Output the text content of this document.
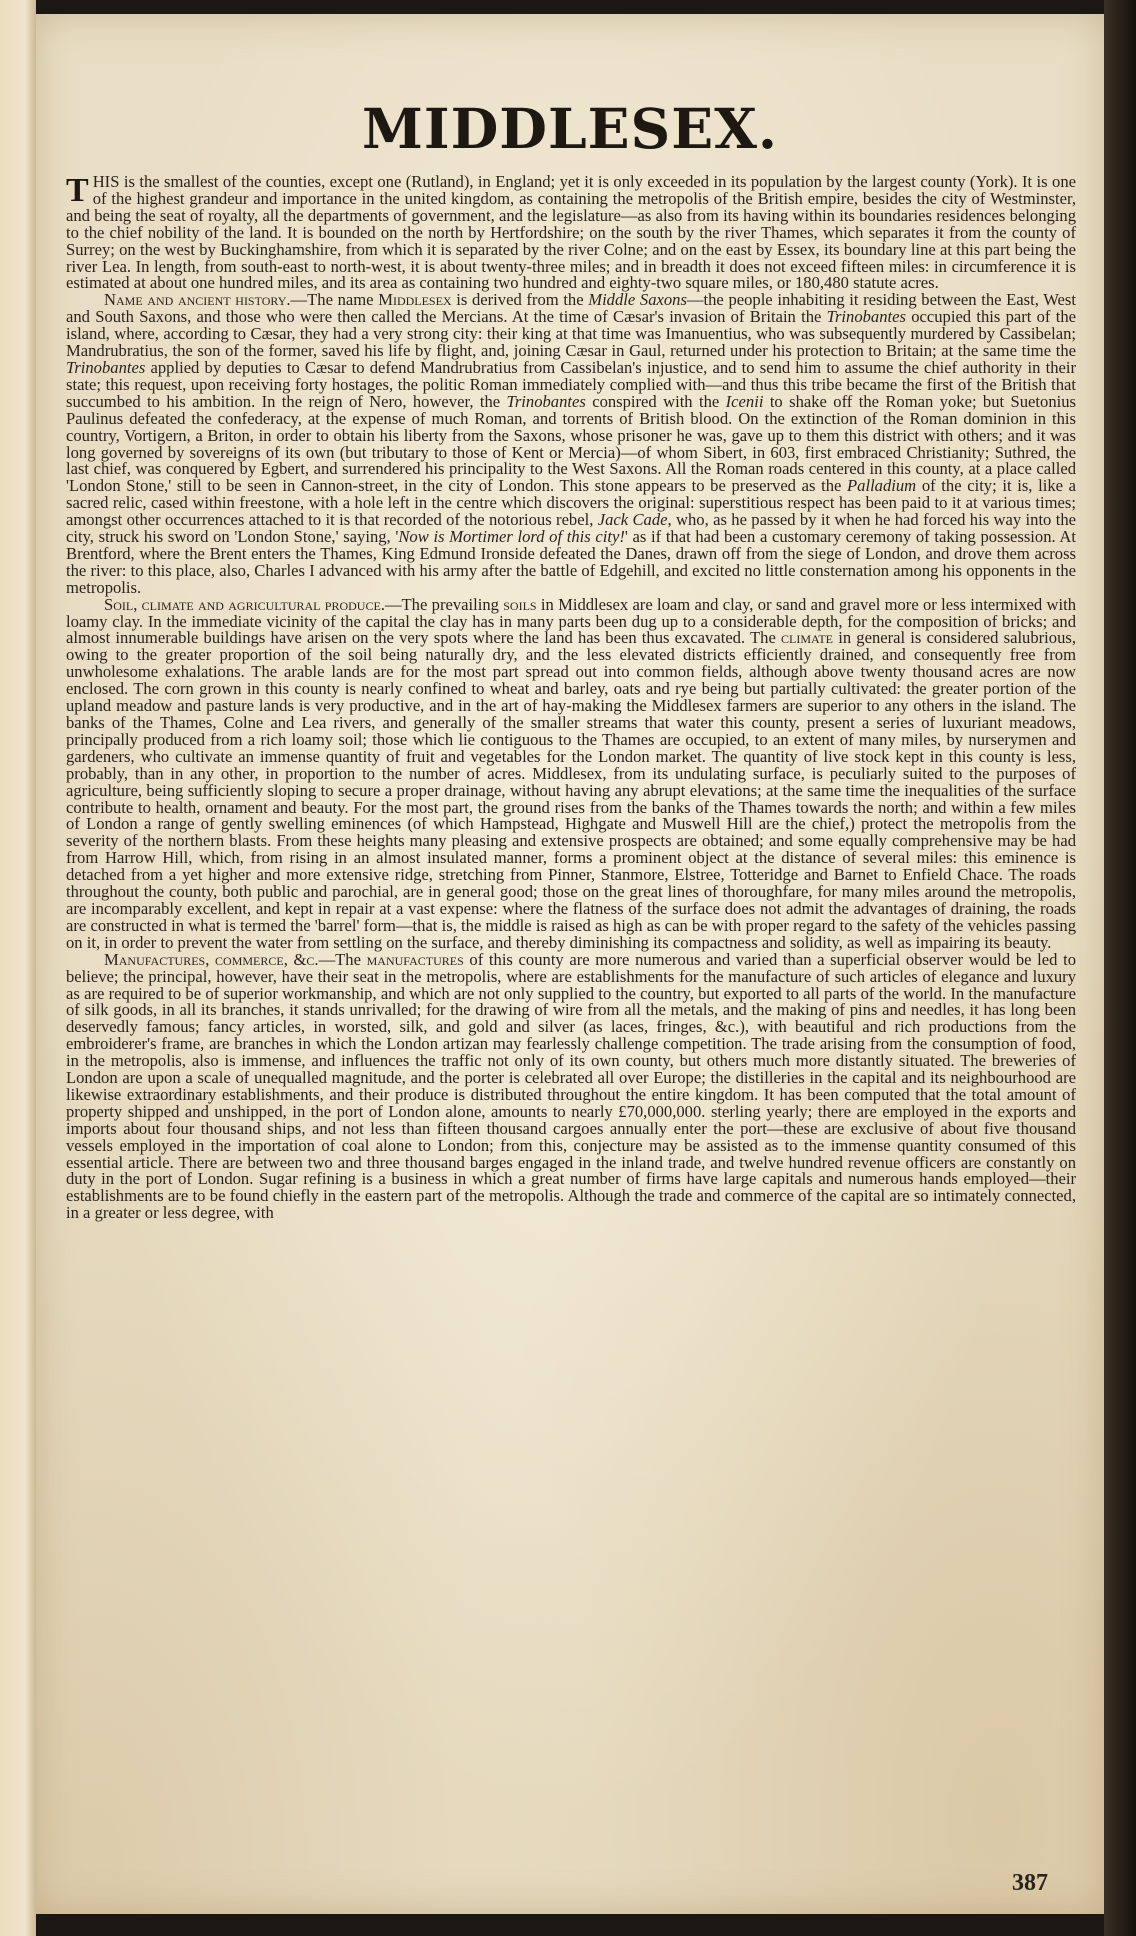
MIDDLESEX.

THIS is the smallest of the counties, except one (Rutland), in England; yet it is only exceeded in its population by the largest county (York). It is one of the highest grandeur and importance in the united kingdom, as containing the metropolis of the British empire, besides the city of Westminster, and being the seat of royalty, all the departments of government, and the legislature—as also from its having within its boundaries residences belonging to the chief nobility of the land. It is bounded on the north by Hertfordshire; on the south by the river Thames, which separates it from the county of Surrey; on the west by Buckinghamshire, from which it is separated by the river Colne; and on the east by Essex, its boundary line at this part being the river Lea. In length, from south-east to north-west, it is about twenty-three miles; and in breadth it does not exceed fifteen miles: in circumference it is estimated at about one hundred miles, and its area as containing two hundred and eighty-two square miles, or 180,480 statute acres.

Name and ancient history.—The name Middlesex is derived from the Middle Saxons—the people inhabiting it residing between the East, West and South Saxons, and those who were then called the Mercians. At the time of Cæsar's invasion of Britain the Trinobantes occupied this part of the island, where, according to Cæsar, they had a very strong city: their king at that time was Imanuentius, who was subsequently murdered by Cassibelan; Mandrubratius, the son of the former, saved his life by flight, and, joining Cæsar in Gaul, returned under his protection to Britain; at the same time the Trinobantes applied by deputies to Cæsar to defend Mandrubratius from Cassibelan's injustice, and to send him to assume the chief authority in their state; this request, upon receiving forty hostages, the politic Roman immediately complied with—and thus this tribe became the first of the British that succumbed to his ambition. In the reign of Nero, however, the Trinobantes conspired with the Icenii to shake off the Roman yoke; but Suetonius Paulinus defeated the confederacy, at the expense of much Roman, and torrents of British blood. On the extinction of the Roman dominion in this country, Vortigern, a Briton, in order to obtain his liberty from the Saxons, whose prisoner he was, gave up to them this district with others; and it was long governed by sovereigns of its own (but tributary to those of Kent or Mercia)—of whom Sibert, in 603, first embraced Christianity; Suthred, the last chief, was conquered by Egbert, and surrendered his principality to the West Saxons. All the Roman roads centered in this county, at a place called 'London Stone,' still to be seen in Cannon-street, in the city of London. This stone appears to be preserved as the Palladium of the city; it is, like a sacred relic, cased within freestone, with a hole left in the centre which discovers the original: superstitious respect has been paid to it at various times; amongst other occurrences attached to it is that recorded of the notorious rebel, Jack Cade, who, as he passed by it when he had forced his way into the city, struck his sword on 'London Stone,' saying, 'Now is Mortimer lord of this city!' as if that had been a customary ceremony of taking possession. At Brentford, where the Brent enters the Thames, King Edmund Ironside defeated the Danes, drawn off from the siege of London, and drove them across the river: to this place, also, Charles I advanced with his army after the battle of Edgehill, and excited no little consternation among his opponents in the metropolis.

Soil, climate and agricultural produce.—The prevailing soils in Middlesex are loam and clay, or sand and gravel more or less intermixed with loamy clay. In the immediate vicinity of the capital the clay has in many parts been dug up to a considerable depth, for the composition of bricks; and almost innumerable buildings have arisen on the very spots where the land has been thus excavated. The climate in general is considered salubrious, owing to the greater proportion of the soil being naturally dry, and the less elevated districts efficiently drained, and consequently free from unwholesome exhalations. The arable lands are for the most part spread out into common fields, although above twenty thousand acres are now enclosed. The corn grown in this county is nearly confined to wheat and barley, oats and rye being but partially cultivated: the greater portion of the upland meadow and pasture lands is very productive, and in the art of hay-making the Middlesex farmers are superior to any others in the island. The banks of the Thames, Colne and Lea rivers, and generally of the smaller streams that water this county, present a series of luxuriant meadows, principally produced from a rich loamy soil; those which lie contiguous to the Thames are occupied, to an extent of many miles, by nurserymen and gardeners, who cultivate an immense quantity of fruit and vegetables for the London market. The quantity of live stock kept in this county is less, probably, than in any other, in proportion to the number of acres. Middlesex, from its undulating surface, is peculiarly suited to the purposes of agriculture, being sufficiently sloping to secure a proper drainage, without having any abrupt elevations; at the same time the inequalities of the surface contribute to health, ornament and beauty. For the most part, the ground rises from the banks of the Thames towards the north; and within a few miles of London a range of gently swelling eminences (of which Hampstead, Highgate and Muswell Hill are the chief,) protect the metropolis from the severity of the northern blasts. From these heights many pleasing and extensive prospects are obtained; and some equally comprehensive may be had from Harrow Hill, which, from rising in an almost insulated manner, forms a prominent object at the distance of several miles: this eminence is detached from a yet higher and more extensive ridge, stretching from Pinner, Stanmore, Elstree, Totteridge and Barnet to Enfield Chace. The roads throughout the county, both public and parochial, are in general good; those on the great lines of thoroughfare, for many miles around the metropolis, are incomparably excellent, and kept in repair at a vast expense: where the flatness of the surface does not admit the advantages of draining, the roads are constructed in what is termed the 'barrel' form—that is, the middle is raised as high as can be with proper regard to the safety of the vehicles passing on it, in order to prevent the water from settling on the surface, and thereby diminishing its compactness and solidity, as well as impairing its beauty.

Manufactures, commerce, &c.—The manufactures of this county are more numerous and varied than a superficial observer would be led to believe; the principal, however, have their seat in the metropolis, where are establishments for the manufacture of such articles of elegance and luxury as are required to be of superior workmanship, and which are not only supplied to the country, but exported to all parts of the world. In the manufacture of silk goods, in all its branches, it stands unrivalled; for the drawing of wire from all the metals, and the making of pins and needles, it has long been deservedly famous; fancy articles, in worsted, silk, and gold and silver (as laces, fringes, &c.), with beautiful and rich productions from the embroiderer's frame, are branches in which the London artizan may fearlessly challenge competition. The trade arising from the consumption of food, in the metropolis, also is immense, and influences the traffic not only of its own county, but others much more distantly situated. The breweries of London are upon a scale of unequalled magnitude, and the porter is celebrated all over Europe; the distilleries in the capital and its neighbourhood are likewise extraordinary establishments, and their produce is distributed throughout the entire kingdom. It has been computed that the total amount of property shipped and unshipped, in the port of London alone, amounts to nearly £70,000,000. sterling yearly; there are employed in the exports and imports about four thousand ships, and not less than fifteen thousand cargoes annually enter the port—these are exclusive of about five thousand vessels employed in the importation of coal alone to London; from this, conjecture may be assisted as to the immense quantity consumed of this essential article. There are between two and three thousand barges engaged in the inland trade, and twelve hundred revenue officers are constantly on duty in the port of London. Sugar refining is a business in which a great number of firms have large capitals and numerous hands employed—their establishments are to be found chiefly in the eastern part of the metropolis. Although the trade and commerce of the capital are so intimately connected, in a greater or less degree, with

387
